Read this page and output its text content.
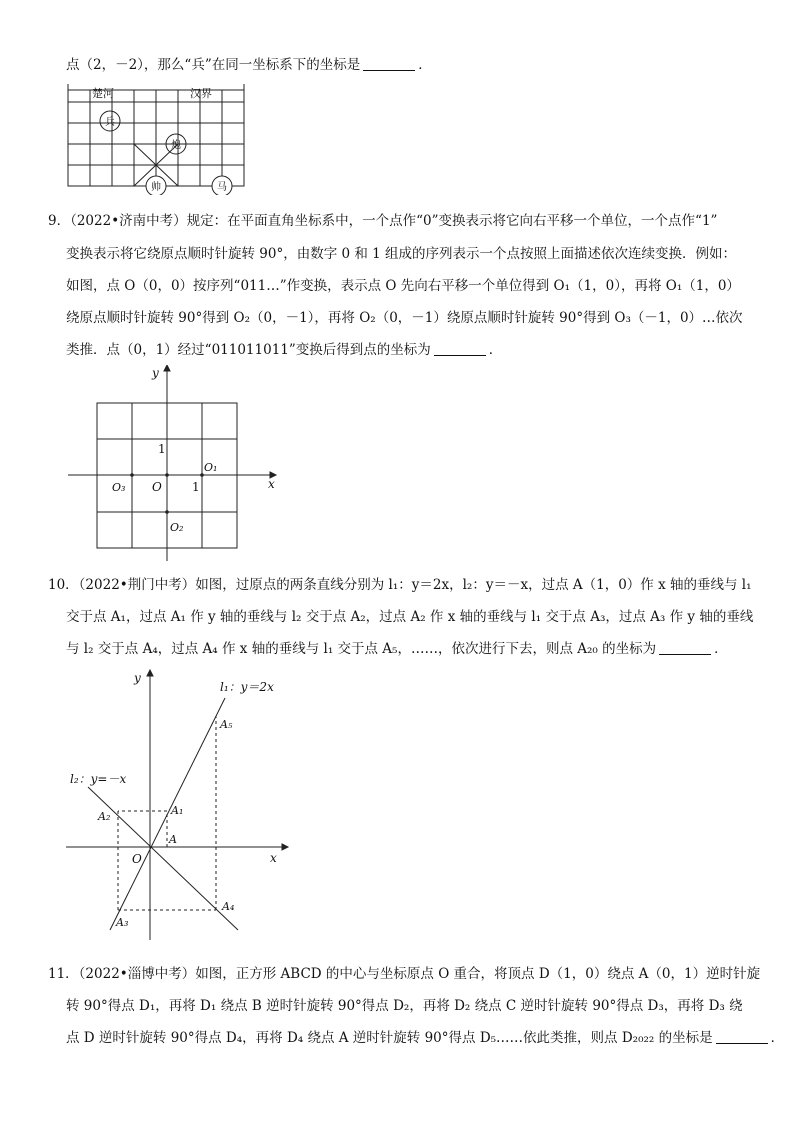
点（2，－2），那么“兵”在同一坐标系下的坐标是	．
楚河	汉界
兵
炮
帅	马
9．（2022•济南中考）规定：在平面直角坐标系中，一个点作“0”变换表示将它向右平移一个单位，一个点作“1”
变换表示将它绕原点顺时针旋转 90°，由数字 0 和 1 组成的序列表示一个点按照上面描述依次连续变换．例如：
如图，点 O（0，0）按序列“011…”作变换，表示点 O 先向右平移一个单位得到 O₁（1，0），再将 O₁（1，0）
绕原点顺时针旋转 90°得到 O₂（0，－1），再将 O₂（0，－1）绕原点顺时针旋转 90°得到 O₃（－1，0）…依次
类推．点（0，1）经过“011011011”变换后得到点的坐标为	．
y
x
1
1
O
O₁
O₂
O₃
10．（2022•荆门中考）如图，过原点的两条直线分别为 l₁：y＝2x，l₂：y＝－x，过点 A（1，0）作 x 轴的垂线与 l₁
交于点 A₁，过点 A₁ 作 y 轴的垂线与 l₂ 交于点 A₂，过点 A₂ 作 x 轴的垂线与 l₁ 交于点 A₃，过点 A₃ 作 y 轴的垂线
与 l₂ 交于点 A₄，过点 A₄ 作 x 轴的垂线与 l₁ 交于点 A₅，……，依次进行下去，则点 A₂₀ 的坐标为	．
y
x
O
l₁：y＝2x
l₂：y=－x
A
A₁
A₂
A₃
A₄
A₅
11．（2022•淄博中考）如图，正方形 ABCD 的中心与坐标原点 O 重合，将顶点 D（1，0）绕点 A（0，1）逆时针旋
转 90°得点 D₁，再将 D₁ 绕点 B 逆时针旋转 90°得点 D₂，再将 D₂ 绕点 C 逆时针旋转 90°得点 D₃，再将 D₃ 绕
点 D 逆时针旋转 90°得点 D₄，再将 D₄ 绕点 A 逆时针旋转 90°得点 D₅……依此类推，则点 D₂₀₂₂ 的坐标是	．
